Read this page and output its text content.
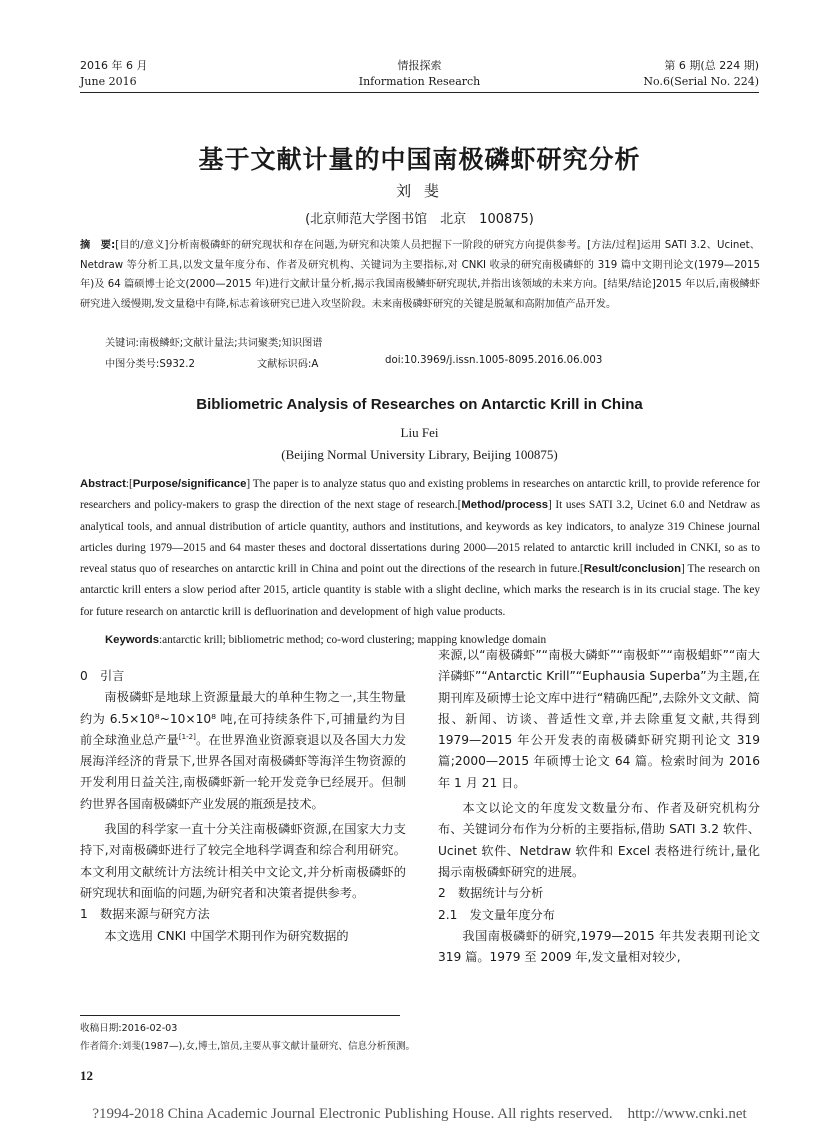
2016 年 6 月
June 2016
情报探索
Information Research
第 6 期(总 224 期)
No.6(Serial No. 224)
基于文献计量的中国南极磷虾研究分析
刘 斐
(北京师范大学图书馆　北京　100875)
摘　要:[目的/意义]分析南极磷虾的研究现状和存在问题,为研究和决策人员把握下一阶段的研究方向提供参考。[方法/过程]运用 SATI 3.2、Ucinet、Netdraw 等分析工具,以发文量年度分布、作者及研究机构、关键词为主要指标,对 CNKI 收录的研究南极磷虾的 319 篇中文期刊论文(1979—2015 年)及 64 篇硕博士论文(2000—2015 年)进行文献计量分析,揭示我国南极鳞虾研究现状,并指出该领域的未来方向。[结果/结论]2015 年以后,南极鳞虾研究进入缓慢期,发文量稳中有降,标志着该研究已进入攻坚阶段。未来南极磷虾研究的关键是脱氟和高附加值产品开发。
关键词:南极鳞虾;文献计量法;共词聚类;知识图谱
中图分类号:S932.2	文献标识码:A	doi:10.3969/j.issn.1005-8095.2016.06.003
Bibliometric Analysis of Researches on Antarctic Krill in China
Liu Fei
(Beijing Normal University Library, Beijing 100875)
Abstract:[Purpose/significance] The paper is to analyze status quo and existing problems in researches on antarctic krill, to provide reference for researchers and policy-makers to grasp the direction of the next stage of research.[Method/process] It uses SATI 3.2, Ucinet 6.0 and Netdraw as analytical tools, and annual distribution of article quantity, authors and institutions, and keywords as key indicators, to analyze 319 Chinese journal articles during 1979—2015 and 64 master theses and doctoral dissertations during 2000—2015 related to antarctic krill included in CNKI, so as to reveal status quo of researches on antarctic krill in China and point out the directions of the research in future.[Result/conclusion] The research on antarctic krill enters a slow period after 2015, article quantity is stable with a slight decline, which marks the research is in its crucial stage. The key for future research on antarctic krill is defluorination and development of high value products.
Keywords:antarctic krill; bibliometric method; co-word clustering; mapping knowledge domain

0　引言

南极磷虾是地球上资源量最大的单种生物之一,其生物量约为 6.5×10⁸~10×10⁸ 吨,在可持续条件下,可捕量约为目前全球渔业总产量[1-2]。在世界渔业资源衰退以及各国大力发展海洋经济的背景下,世界各国对南极磷虾等海洋生物资源的开发利用日益关注,南极磷虾新一轮开发竞争已经展开。但制约世界各国南极磷虾产业发展的瓶颈是技术。

我国的科学家一直十分关注南极磷虾资源,在国家大力支持下,对南极磷虾进行了较完全地科学调查和综合利用研究。本文利用文献统计方法统计相关中文论文,并分析南极磷虾的研究现状和面临的问题,为研究者和决策者提供参考。

1　数据来源与研究方法

本文选用 CNKI 中国学术期刊作为研究数据的

来源,以“南极磷虾”“南极大磷虾”“南极虾”“南极䗉虾”“南大洋磷虾”“Antarctic Krill”“Euphausia Superba”为主题,在期刊库及硕博士论文库中进行“精确匹配”,去除外文文献、简报、新闻、访谈、普适性文章,并去除重复文献,共得到 1979—2015 年公开发表的南极磷虾研究期刊论文 319 篇;2000—2015 年硕博士论文 64 篇。检索时间为 2016 年 1 月 21 日。

本文以论文的年度发文数量分布、作者及研究机构分布、关键词分布作为分析的主要指标,借助 SATI 3.2 软件、Ucinet 软件、Netdraw 软件和 Excel 表格进行统计,量化揭示南极磷虾研究的进展。

2　数据统计与分析

2.1　发文量年度分布

我国南极磷虾的研究,1979—2015 年共发表期刊论文 319 篇。1979 至 2009 年,发文量相对较少,

收稿日期:2016-02-03
作者简介:刘斐(1987—),女,博士,馆员,主要从事文献计量研究、信息分析预测。
12
?1994-2018 China Academic Journal Electronic Publishing House. All rights reserved.　http://www.cnki.net
